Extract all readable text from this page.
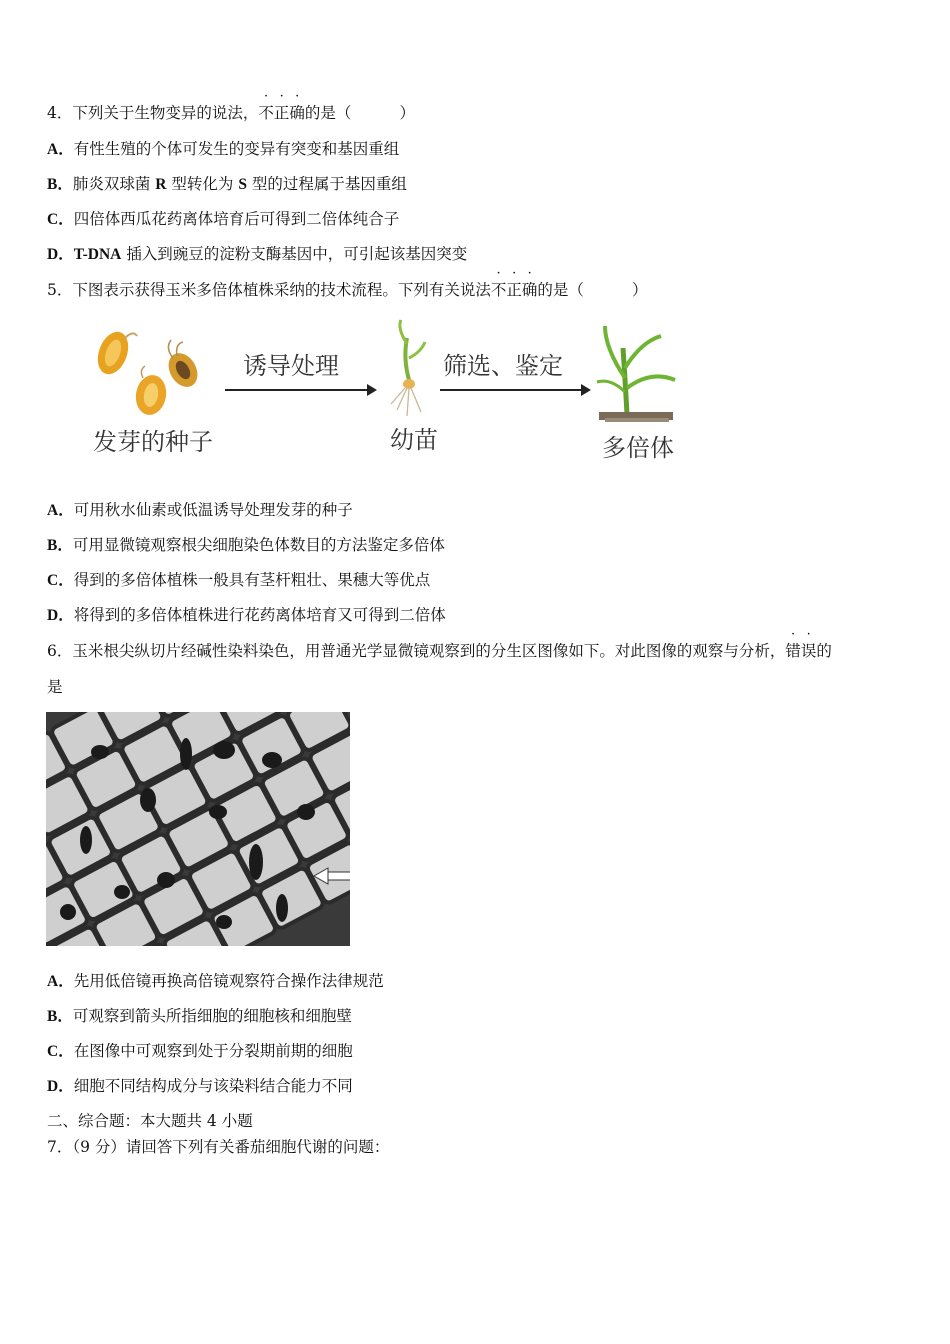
4．下列关于生物变异的说法，不正确的是（	）
A．有性生殖的个体可发生的变异有突变和基因重组
B．肺炎双球菌 R 型转化为 S 型的过程属于基因重组
C．四倍体西瓜花药离体培育后可得到二倍体纯合子
D．T-DNA 插入到豌豆的淀粉支酶基因中，可引起该基因突变
5．下图表示获得玉米多倍体植株采纳的技术流程。下列有关说法不正确的是（	）
发芽的种子
诱导处理
幼苗
筛选、鉴定
多倍体
A．可用秋水仙素或低温诱导处理发芽的种子
B．可用显微镜观察根尖细胞染色体数目的方法鉴定多倍体
C．得到的多倍体植株一般具有茎杆粗壮、果穗大等优点
D．将得到的多倍体植株进行花药离体培育又可得到二倍体
6．玉米根尖纵切片经碱性染料染色，用普通光学显微镜观察到的分生区图像如下。对此图像的观察与分析，错误的
是
A．先用低倍镜再换高倍镜观察符合操作法律规范
B．可观察到箭头所指细胞的细胞核和细胞壁
C．在图像中可观察到处于分裂期前期的细胞
D．细胞不同结构成分与该染料结合能力不同
二、综合题：本大题共 4 小题
7．（9 分）请回答下列有关番茄细胞代谢的问题：
